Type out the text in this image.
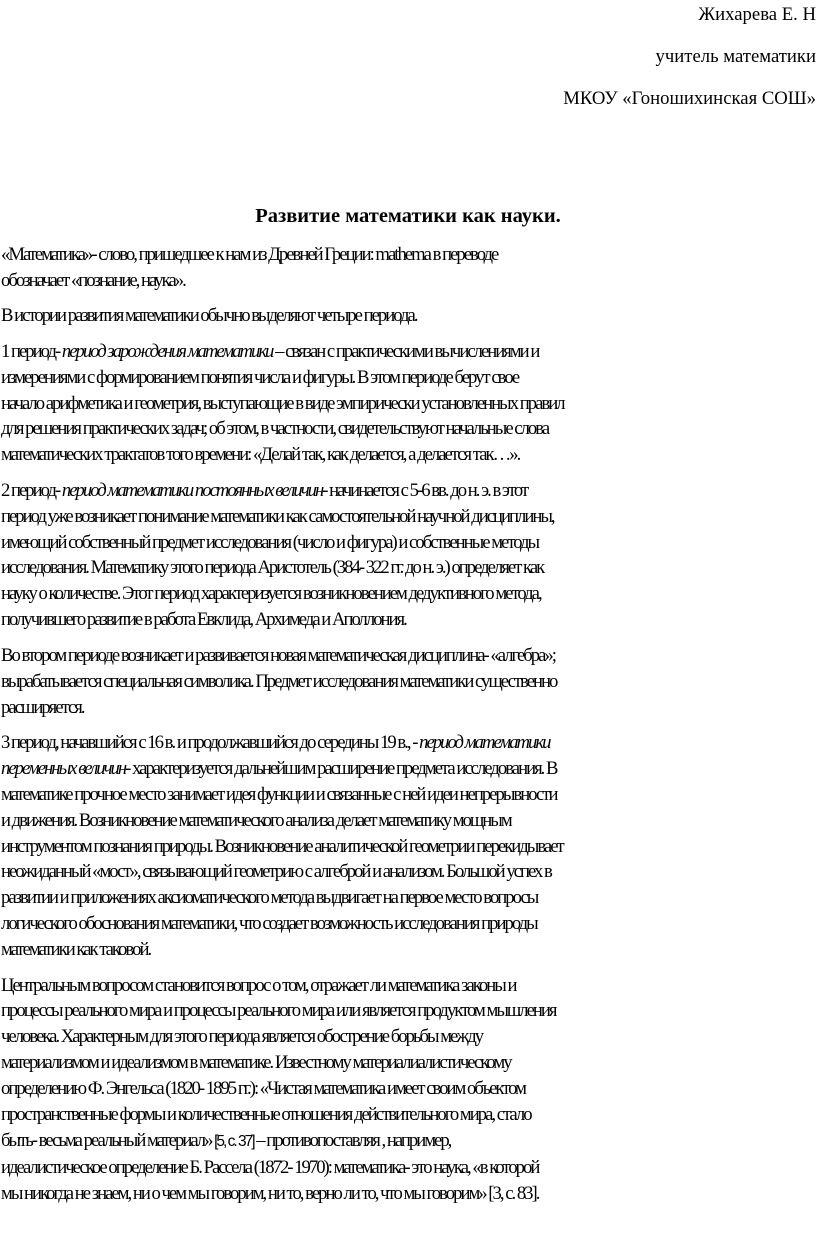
Жихарева Е. Н
учитель математики
МКОУ «Гоношихинская СОШ»
Развитие математики как науки.

«Математика»- слово, пришедшее к нам из Древней Греции: mathema в переводе
обозначает «познание, наука».

В истории развития математики обычно выделяют четыре периода.

1 период- период зарождения математики – связан с практическими вычислениями и
измерениями с формированием понятия числа и фигуры. В этом периоде берут свое
начало арифметика и геометрия, выступающие в виде эмпирически установленных правил
для решения практических задач; об этом, в частности, свидетельствуют начальные слова
математических трактатов того времени: «Делай так, как делается, а делается так…».

2 период- период математики постоянных величин- начинается с 5-6 вв. до н. э. в этот
период уже возникает понимание математики как самостоятельной научной дисциплины,
имеющий собственный предмет исследования (число и фигура) и собственные методы
исследования. Математику этого периода Аристотель (384- 322 гг. до н. э.) определяет как
науку о количестве. Этот период характеризуется возникновением дедуктивного метода,
получившего развитие в работа Евклида, Архимеда и Аполлония.

Во втором периоде возникает и развивается новая математическая дисциплина- «алгебра»;
вырабатывается специальная символика. Предмет исследования математики существенно
расширяется.

3 период, начавшийся с 16 в. и продолжавшийся до середины 19 в., - период математики
переменных величин- характеризуется дальнейшим расширение предмета исследования. В
математике прочное место занимает идея функции и связанные с ней идеи непрерывности
и движения. Возникновение математического анализа делает математику мощным
инструментом познания природы. Возникновение аналитической геометрии перекидывает
неожиданный «мост», связывающий геометрию с алгеброй и анализом. Большой успех в
развитии и приложениях аксиоматического метода выдвигает на первое место вопросы
логического обоснования математики, что создает возможность исследования природы
математики как таковой.

Центральным вопросом становится вопрос о том, отражает ли математика законы и
процессы реального мира и процессы реального мира или является продуктом мышления
человека. Характерным для этого периода является обострение борьбы между
материализмом и идеализмом в математике. Известному материалиалистическому
определению Ф. Энгельса (1820- 1895 гг.): «Чистая математика имеет своим объектом
пространственные формы и количественные отношения действительного мира, стало
быть- весьма реальный материал» [5, с. 37] – противопоставляя , например,
идеалистическое определение Б. Рассела (1872- 1970): математика- это наука, «в которой
мы никогда не знаем, ни о чем мы говорим, ни то, верно ли то, что мы говорим» [3, с. 83].
